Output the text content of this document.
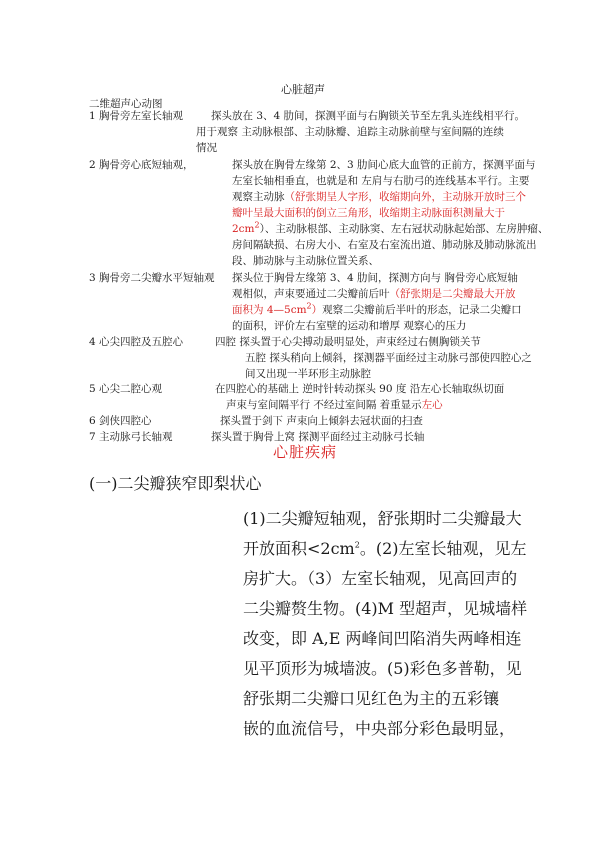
心脏超声
二维超声心动图
1 胸骨旁左室长轴观	探头放在 3、4 肋间，探测平面与右胸锁关节至左乳头连线相平行。
用于观察 主动脉根部、主动脉瓣、追踪主动脉前壁与室间隔的连续
情况
2 胸骨旁心底短轴观，	探头放在胸骨左缘第 2、3 肋间心底大血管的正前方，探测平面与
左室长轴相垂直，也就是和 左肩与右肋弓的连线基本平行。主要
观察主动脉（舒张期呈人字形，收缩期向外，主动脉开放时三个
瓣叶呈最大面积的倒立三角形，收缩期主动脉面积测量大于
$2cm^2$）、主动脉根部、主动脉窦、左右冠状动脉起始部、左房肿瘤、
房间隔缺损、右房大小、右室及右室流出道、肺动脉及肺动脉流出
段、肺动脉与主动脉位置关系、
3 胸骨旁二尖瓣水平短轴观 探头位于胸骨左缘第 3、4 肋间，探测方向与 胸骨旁心底短轴
观相似，声束要通过二尖瓣前后叶（舒张期是二尖瓣最大开放
面积为 $4—5cm^2$）观察二尖瓣前后半叶的形态，记录二尖瓣口
的面积，评价左右室壁的运动和增厚 观察心的压力
4 心尖四腔及五腔心	四腔 探头置于心尖搏动最明显处，声束经过右侧胸锁关节
五腔 探头稍向上倾斜，探测器平面经过主动脉弓部使四腔心之
间又出现一半环形主动脉腔
5 心尖二腔心观	在四腔心的基础上 逆时针转动探头 90 度 沿左心长轴取纵切面
声束与室间隔平行 不经过室间隔 着重显示左心
6 剑侠四腔心	探头置于剑下 声束向上倾斜去冠状面的扫查
7 主动脉弓长轴观	探头置于胸骨上窝 探测平面经过主动脉弓长轴
心脏疾病
(一)二尖瓣狭窄即梨状心
(1)二尖瓣短轴观，舒张期时二尖瓣最大
开放面积$<2cm^2$。(2)左室长轴观，见左
房扩大。（3）左室长轴观，见高回声的
二尖瓣赘生物。(4)M 型超声，见城墙样
改变，即 A,E 两峰间凹陷消失两峰相连
见平顶形为城墙波。(5)彩色多普勒，见
舒张期二尖瓣口见红色为主的五彩镶
嵌的血流信号，中央部分彩色最明显，
